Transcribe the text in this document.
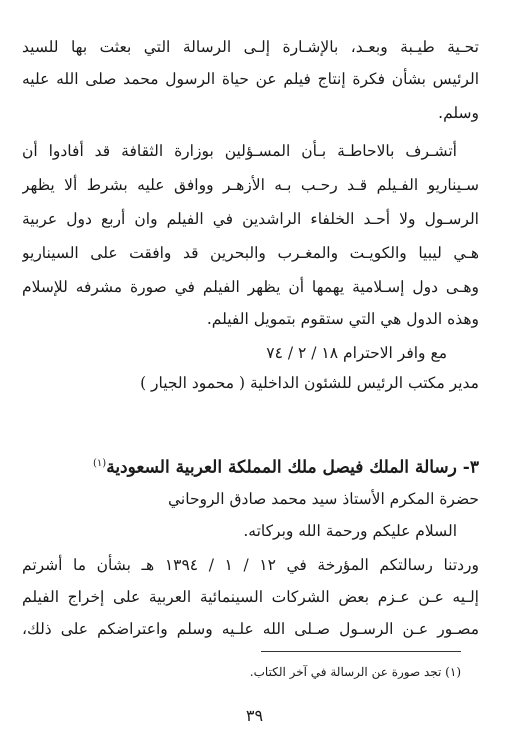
تحـية طيـبة وبعـد، بالإشـارة إلـى الرسالة التي بعثت بها للسيد

الرئيس بشأن فكرة إنتاج فيلم عن حياة الرسول محمد صلى الله عليه

وسلم.

أتشـرف بالاحاطـة بـأن المسـؤلين بوزارة الثقافة قد أفادوا أن

سـيناريو الفـيلم قـد رحـب بـه الأزهـر ووافق عليه بشرط ألا يظهر

الرسـول ولا أحـد الخلفاء الراشدين في الفيلم وان أربع دول عربية

هـي ليبيا والكويـت والمغـرب والبحرين قد وافقت على السيناريو

وهـى دول إسـلامية يهمها أن يظهر الفيلم في صورة مشرفه للإسلام

وهذه الدول هي التي ستقوم بتمويل الفيلم.

مع وافر الاحترام ١٨ / ٢ / ٧٤

مدير مكتب الرئيس للشئون الداخلية ( محمود الجيار )

٣- رسالة الملك فيصل ملك المملكة العربية السعودية$^{(١)}$

حضرة المكرم الأستاذ سيد محمد صادق الروحاني

السلام عليكم ورحمة الله وبركاته.

وردتنا رسالتكم المؤرخة في ١٢ / ١ / ١٣٩٤ هـ بشأن ما أشرتم

إلـيه عـن عـزم بعض الشركات السينمائية العربية على إخراج الفيلم

مصـور عـن الرسـول صـلى الله علـيه وسلم واعتراضكم على ذلك،

(١) تجد صورة عن الرسالة في آخر الكتاب.

٣٩
